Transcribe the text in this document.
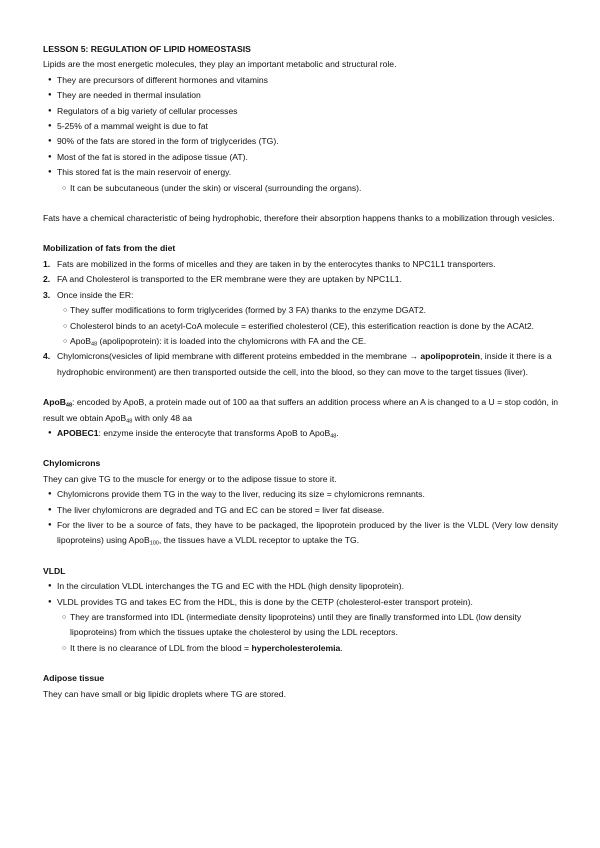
LESSON 5: REGULATION OF LIPID HOMEOSTASIS

Lipids are the most energetic molecules, they play an important metabolic and structural role.

● They are precursors of different hormones and vitamins
● They are needed in thermal insulation
● Regulators of a big variety of cellular processes
● 5-25% of a mammal weight is due to fat
● 90% of the fats are stored in the form of triglycerides (TG).
● Most of the fat is stored in the adipose tissue (AT).
● This stored fat is the main reservoir of energy.
○ It can be subcutaneous (under the skin) or visceral (surrounding the organs).

Fats have a chemical characteristic of being hydrophobic, therefore their absorption happens thanks to a mobilization through vesicles.

Mobilization of fats from the diet

1. Fats are mobilized in the forms of micelles and they are taken in by the enterocytes thanks to NPC1L1 transporters.
2. FA and Cholesterol is transported to the ER membrane were they are uptaken by NPC1L1.
3. Once inside the ER:
○ They suffer modifications to form triglycerides (formed by 3 FA) thanks to the enzyme DGAT2.
○ Cholesterol binds to an acetyl-CoA molecule = esterified cholesterol (CE), this esterification reaction is done by the ACAt2.
○ ApoB$_{48}$ (apolipoprotein): it is loaded into the chylomicrons with FA and the CE.
4. Chylomicrons(vesicles of lipid membrane with different proteins embedded in the membrane → apolipoprotein, inside it there is a hydrophobic environment) are then transported outside the cell, into the blood, so they can move to the target tissues (liver).

ApoB$_{48}$: encoded by ApoB, a protein made out of 100 aa that suffers an addition process where an A is changed to a U = stop codón, in result we obtain ApoB$_{48}$ with only 48 aa

● APOBEC1: enzyme inside the enterocyte that transforms ApoB to ApoB$_{48}$.

Chylomicrons

They can give TG to the muscle for energy or to the adipose tissue to store it.

● Chylomicrons provide them TG in the way to the liver, reducing its size = chylomicrons remnants.
● The liver chylomicrons are degraded and TG and EC can be stored = liver fat disease.
● For the liver to be a source of fats, they have to be packaged, the lipoprotein produced by the liver is the VLDL (Very low density lipoproteins) using ApoB$_{100}$, the tissues have a VLDL receptor to uptake the TG.

VLDL

● In the circulation VLDL interchanges the TG and EC with the HDL (high density lipoprotein).
● VLDL provides TG and takes EC from the HDL, this is done by the CETP (cholesterol-ester transport protein).
○ They are transformed into IDL (intermediate density lipoproteins) until they are finally transformed into LDL (low density lipoproteins) from which the tissues uptake the cholesterol by using the LDL receptors.
○ It there is no clearance of LDL from the blood = hypercholesterolemia.

Adipose tissue

They can have small or big lipidic droplets where TG are stored.
